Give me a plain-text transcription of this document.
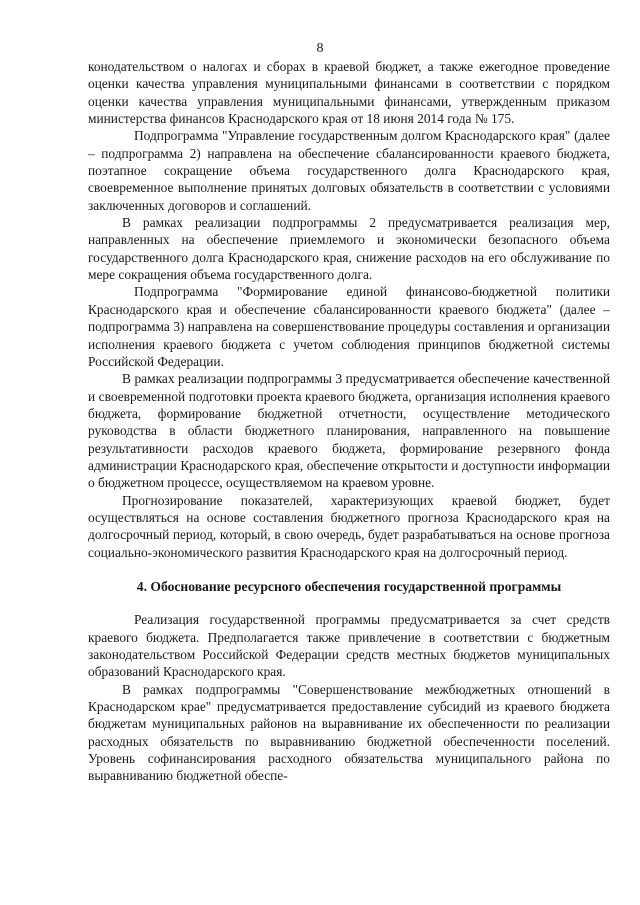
8

конодательством о налогах и сборах в краевой бюджет, а также ежегодное проведение оценки качества управления муниципальными финансами в соответствии с порядком оценки качества управления муниципальными финансами, утвержденным приказом министерства финансов Краснодарского края от 18 июня 2014 года № 175.

Подпрограмма "Управление государственным долгом Краснодарского края" (далее – подпрограмма 2) направлена на обеспечение сбалансированности краевого бюджета, поэтапное сокращение объема государственного долга Краснодарского края, своевременное выполнение принятых долговых обязательств в соответствии с условиями заключенных договоров и соглашений.

В рамках реализации подпрограммы 2 предусматривается реализация мер, направленных на обеспечение приемлемого и экономически безопасного объема государственного долга Краснодарского края, снижение расходов на его обслуживание по мере сокращения объема государственного долга.

Подпрограмма "Формирование единой финансово-бюджетной политики Краснодарского края и обеспечение сбалансированности краевого бюджета" (далее – подпрограмма 3) направлена на совершенствование процедуры составления и организации исполнения краевого бюджета с учетом соблюдения принципов бюджетной системы Российской Федерации.

В рамках реализации подпрограммы 3 предусматривается обеспечение качественной и своевременной подготовки проекта краевого бюджета, организация исполнения краевого бюджета, формирование бюджетной отчетности, осуществление методического руководства в области бюджетного планирования, направленного на повышение результативности расходов краевого бюджета, формирование резервного фонда администрации Краснодарского края, обеспечение открытости и доступности информации о бюджетном процессе, осуществляемом на краевом уровне.

Прогнозирование показателей, характеризующих краевой бюджет, будет осуществляться на основе составления бюджетного прогноза Краснодарского края на долгосрочный период, который, в свою очередь, будет разрабатываться на основе прогноза социально-экономического развития Краснодарского края на долгосрочный период.

4. Обоснование ресурсного обеспечения государственной программы

Реализация государственной программы предусматривается за счет средств краевого бюджета. Предполагается также привлечение в соответствии с бюджетным законодательством Российской Федерации средств местных бюджетов муниципальных образований Краснодарского края.

В рамках подпрограммы "Совершенствование межбюджетных отношений в Краснодарском крае" предусматривается предоставление субсидий из краевого бюджета бюджетам муниципальных районов на выравнивание их обеспеченности по реализации расходных обязательств по выравниванию бюджетной обеспеченности поселений. Уровень софинансирования расходного обязательства муниципального района по выравниванию бюджетной обеспе-
